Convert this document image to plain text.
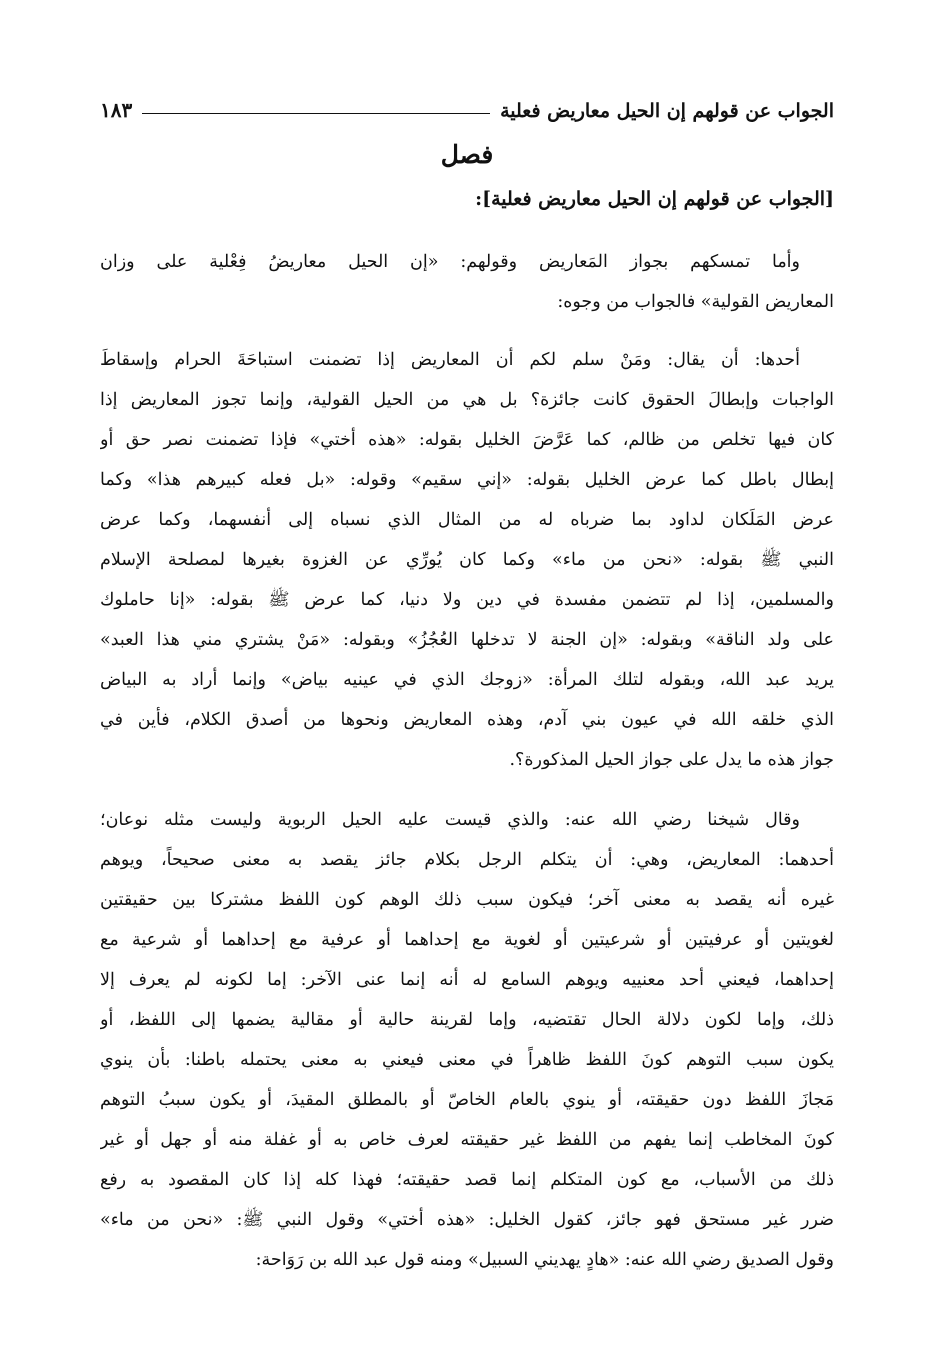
الجواب عن قولهم إن الحيل معاريض فعلية
١٨٣
فصل
[الجواب عن قولهم إن الحيل معاريض فعلية]:
وأما تمسكهم بجواز المَعاريض وقولهم: «إن الحيل معاريضُ فِعْلية على وزان
المعاريض القولية» فالجواب من وجوه:
أحدها: أن يقال: ومَنْ سلم لكم أن المعاريض إذا تضمنت استباحَةَ الحرام وإسقاطَ
الواجبات وإبطالَ الحقوق كانت جائزة؟ بل هي من الحيل القولية، وإنما تجوز المعاريض إذا
كان فيها تخلص من ظالم، كما عَرَّضَ الخليل بقوله: «هذه أختي» فإذا تضمنت نصر حق أو
إبطال باطل كما عرض الخليل بقوله: «إني سقيم» وقوله: «بل فعله كبيرهم هذا» وكما
عرض المَلَكان لداود بما ضرباه له من المثال الذي نسباه إلى أنفسهما، وكما عرض
النبي ﷺ بقوله: «نحن من ماء» وكما كان يُورِّي عن الغزوة بغيرها لمصلحة الإسلام
والمسلمين، إذا لم تتضمن مفسدة في دين ولا دنيا، كما عرض ﷺ بقوله: «إنا حاملوك
على ولد الناقة» وبقوله: «إن الجنة لا تدخلها العُجُزُ» وبقوله: «مَنْ يشتري مني هذا العبد»
يريد عبد الله، وبقوله لتلك المرأة: «زوجك الذي في عينيه بياض» وإنما أراد به البياض
الذي خلقه الله في عيون بني آدم، وهذه المعاريض ونحوها من أصدق الكلام، فأين في
جواز هذه ما يدل على جواز الحيل المذكورة؟.
وقال شيخنا رضي الله عنه: والذي قيست عليه الحيل الربوية وليست مثله نوعان؛
أحدهما: المعاريض، وهي: أن يتكلم الرجل بكلام جائز يقصد به معنى صحيحاً، ويوهم
غيره أنه يقصد به معنى آخر؛ فيكون سبب ذلك الوهم كون اللفظ مشتركا بين حقيقتين
لغويتين أو عرفيتين أو شرعيتين أو لغوية مع إحداهما أو عرفية مع إحداهما أو شرعية مع
إحداهما، فيعني أحد معنييه ويوهم السامع له أنه إنما عنى الآخر: إما لكونه لم يعرف إلا
ذلك، وإما لكون دلالة الحال تقتضيه، وإما لقرينة حالية أو مقالية يضمها إلى اللفظ، أو
يكون سبب التوهم كونَ اللفظ ظاهراً في معنى فيعني به معنى يحتمله باطنا: بأن ينوي
مَجازَ اللفظ دون حقيقته، أو ينوي بالعام الخاصّ أو بالمطلق المقيدَ، أو يكون سببُ التوهم
كونَ المخاطب إنما يفهم من اللفظ غير حقيقته لعرف خاص به أو غفلة منه أو جهل أو غير
ذلك من الأسباب، مع كون المتكلم إنما قصد حقيقته؛ فهذا كله إذا كان المقصود به رفع
ضرر غير مستحق فهو جائز، كقول الخليل: «هذه أختي» وقول النبي ﷺ: «نحن من ماء»
وقول الصديق رضي الله عنه: «هادٍ يهديني السبيل» ومنه قول عبد الله بن رَوَاحة:
